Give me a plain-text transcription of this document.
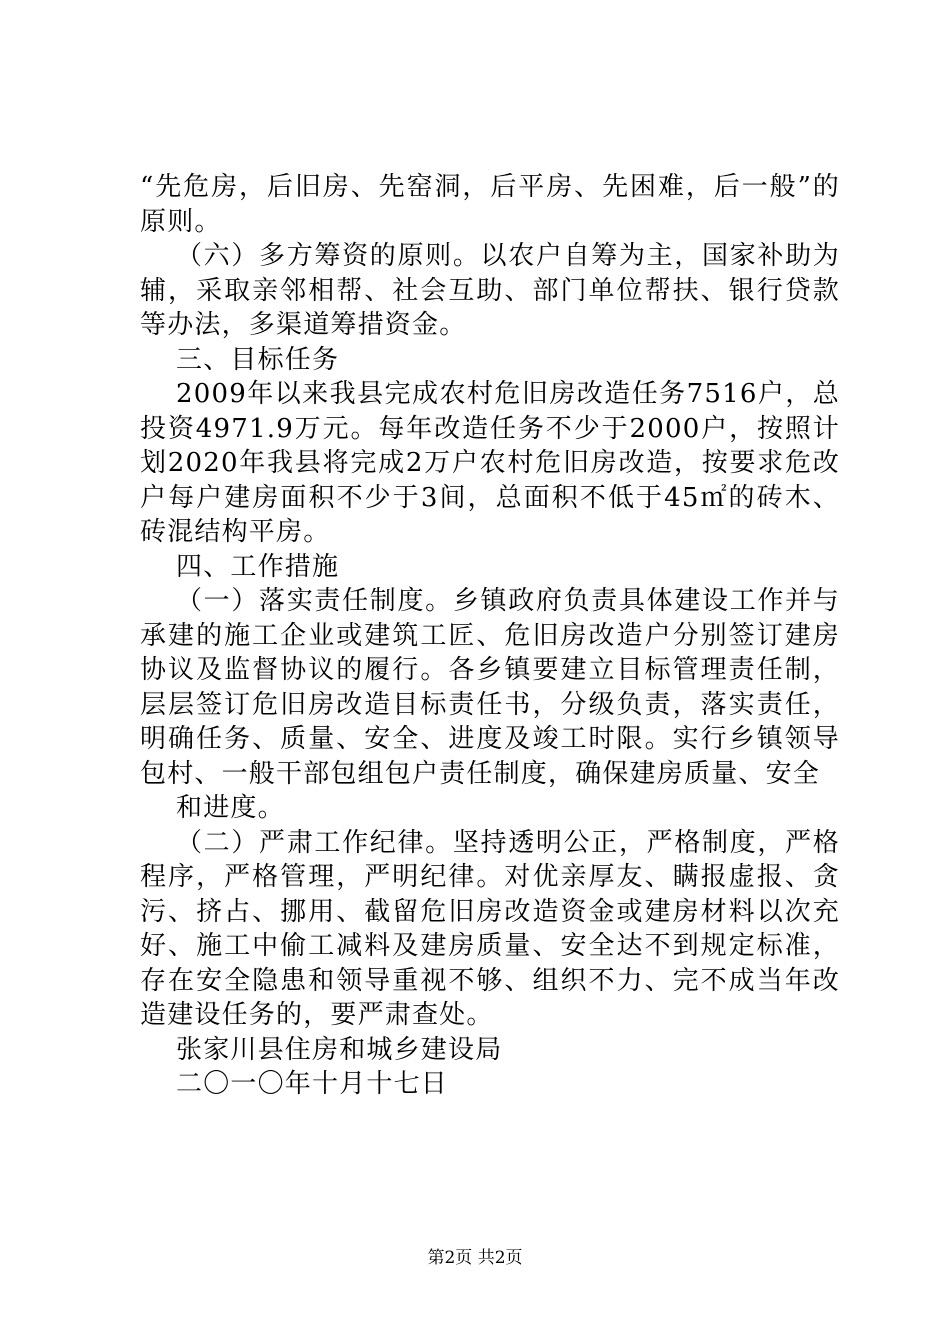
“先危房，后旧房、先窑洞，后平房、先困难，后一般”的原则。

（六）多方筹资的原则。以农户自筹为主，国家补助为辅，采取亲邻相帮、社会互助、部门单位帮扶、银行贷款等办法，多渠道筹措资金。

三、目标任务

2009年以来我县完成农村危旧房改造任务7516户，总投资4971.9万元。每年改造任务不少于2000户，按照计划2020年我县将完成2万户农村危旧房改造，按要求危改户每户建房面积不少于3间，总面积不低于45㎡的砖木、砖混结构平房。

四、工作措施

（一）落实责任制度。乡镇政府负责具体建设工作并与承建的施工企业或建筑工匠、危旧房改造户分别签订建房协议及监督协议的履行。各乡镇要建立目标管理责任制，层层签订危旧房改造目标责任书，分级负责，落实责任，明确任务、质量、安全、进度及竣工时限。实行乡镇领导包村、一般干部包组包户责任制度，确保建房质量、安全

和进度。

（二）严肃工作纪律。坚持透明公正，严格制度，严格程序，严格管理，严明纪律。对优亲厚友、瞒报虚报、贪污、挤占、挪用、截留危旧房改造资金或建房材料以次充好、施工中偷工减料及建房质量、安全达不到规定标准，存在安全隐患和领导重视不够、组织不力、完不成当年改造建设任务的，要严肃查处。

张家川县住房和城乡建设局

二〇一〇年十月十七日

第2页 共2页
